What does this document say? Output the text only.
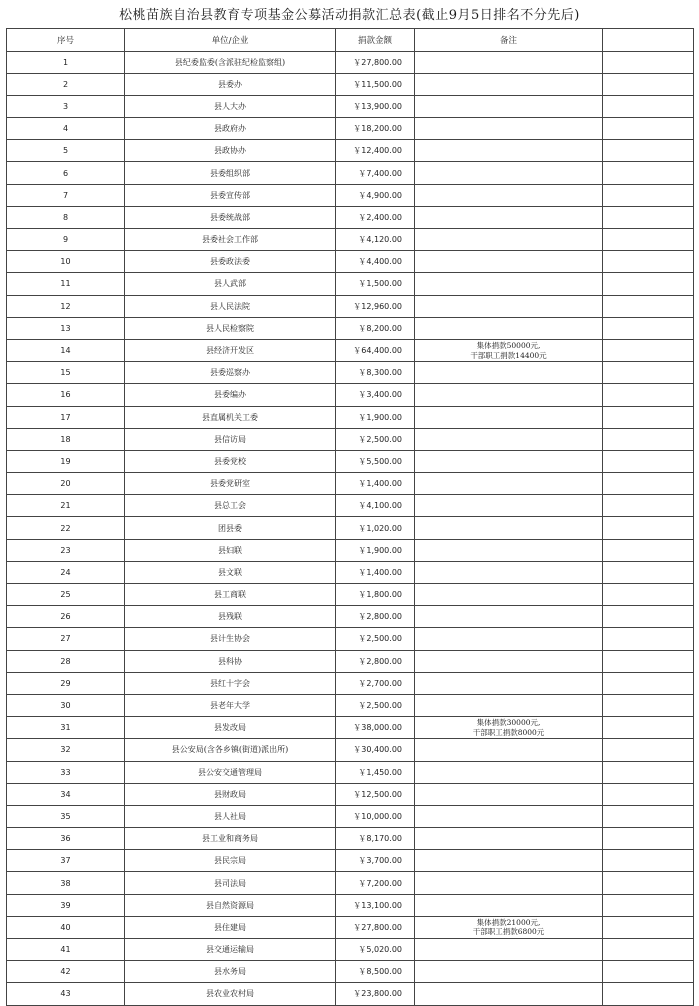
松桃苗族自治县教育专项基金公募活动捐款汇总表(截止9月5日排名不分先后)
序号	单位/企业	捐款金额	备注	
1	县纪委监委(含派驻纪检监察组)	￥27,800.00		
2	县委办	￥11,500.00		
3	县人大办	￥13,900.00		
4	县政府办	￥18,200.00		
5	县政协办	￥12,400.00		
6	县委组织部	￥7,400.00		
7	县委宣传部	￥4,900.00		
8	县委统战部	￥2,400.00		
9	县委社会工作部	￥4,120.00		
10	县委政法委	￥4,400.00		
11	县人武部	￥1,500.00		
12	县人民法院	￥12,960.00		
13	县人民检察院	￥8,200.00		
14	县经济开发区	￥64,400.00	集体捐款50000元,
干部职工捐款14400元	

15	县委巡察办	￥8,300.00		
16	县委编办	￥3,400.00		
17	县直属机关工委	￥1,900.00		
18	县信访局	￥2,500.00		
19	县委党校	￥5,500.00		
20	县委党研室	￥1,400.00		
21	县总工会	￥4,100.00		
22	团县委	￥1,020.00		
23	县妇联	￥1,900.00		
24	县文联	￥1,400.00		
25	县工商联	￥1,800.00		
26	县残联	￥2,800.00		
27	县计生协会	￥2,500.00		
28	县科协	￥2,800.00		
29	县红十字会	￥2,700.00		
30	县老年大学	￥2,500.00		
31	县发改局	￥38,000.00	集体捐款30000元,
干部职工捐款8000元	

32	县公安局(含各乡镇(街道)派出所)	￥30,400.00		
33	县公安交通管理局	￥1,450.00		
34	县财政局	￥12,500.00		
35	县人社局	￥10,000.00		
36	县工业和商务局	￥8,170.00		
37	县民宗局	￥3,700.00		
38	县司法局	￥7,200.00		
39	县自然资源局	￥13,100.00		
40	县住建局	￥27,800.00	集体捐款21000元,
干部职工捐款6800元	

41	县交通运输局	￥5,020.00		
42	县水务局	￥8,500.00		
43	县农业农村局	￥23,800.00		
